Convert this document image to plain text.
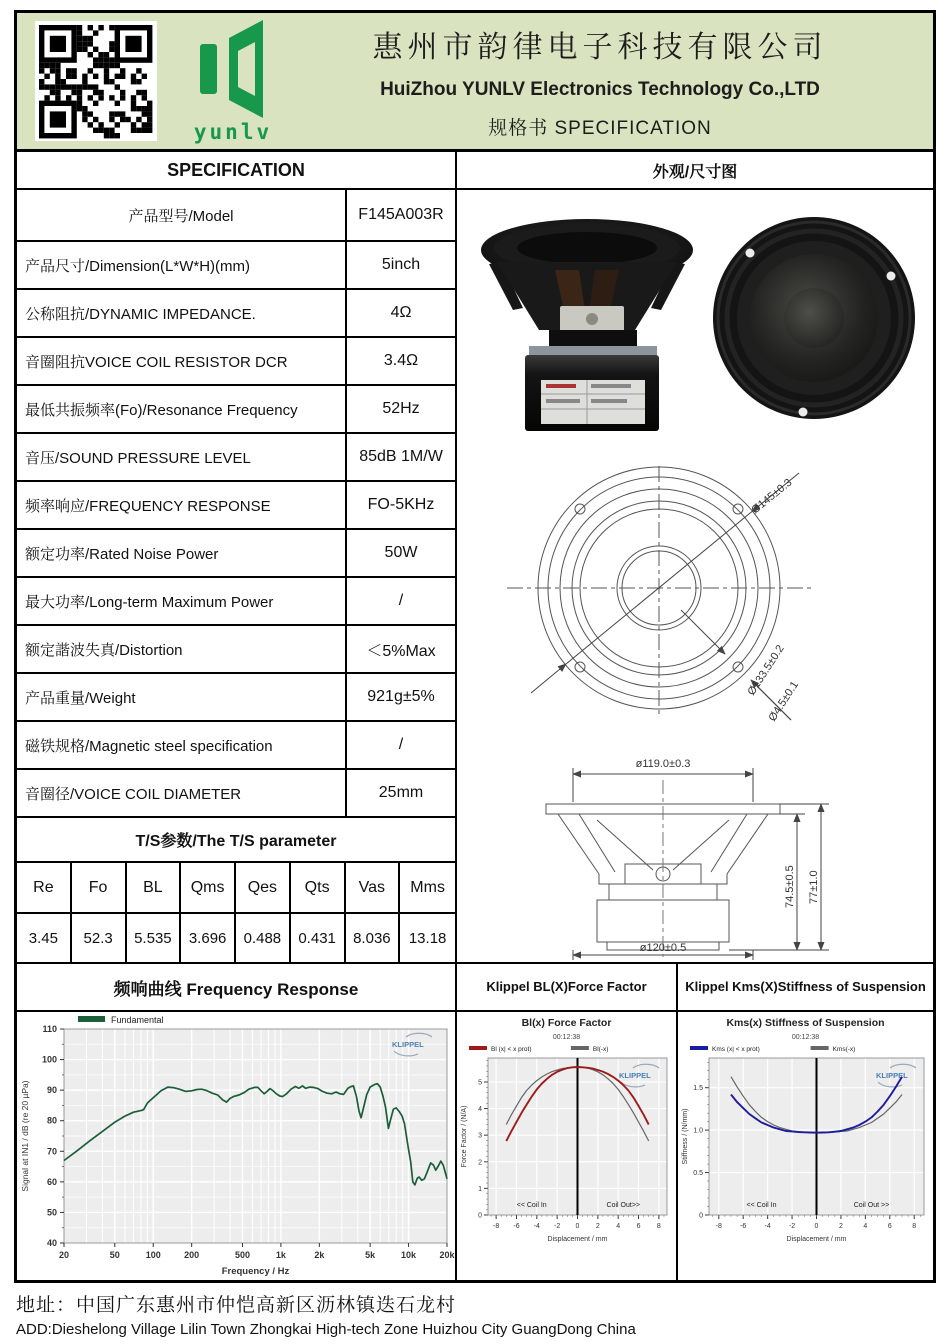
yunlv
惠州市韵律电子科技有限公司
HuiZhou YUNLV Electronics Technology Co.,LTD
规格书 SPECIFICATION
SPECIFICATION
产品型号/Model	F145A003R
产品尺寸/Dimension(L*W*H)(mm)	5inch
公称阻抗/DYNAMIC IMPEDANCE.	4Ω
音圈阻抗VOICE COIL RESISTOR DCR	3.4Ω
最低共振频率(Fo)/Resonance Frequency	52Hz
音压/SOUND PRESSURE LEVEL	85dB 1M/W
频率响应/FREQUENCY RESPONSE	FO-5KHz
额定功率/Rated Noise Power	50W
最大功率/Long-term Maximum Power	/
额定諧波失真/Distortion	＜5%Max
产品重量/Weight	921g±5%
磁铁规格/Magnetic steel specification	/
音圈径/VOICE COIL DIAMETER	25mm
T/S参数/The T/S parameter
Re	Fo	BL	Qms	Qes	Qts	Vas	Mms
3.45	52.3	5.535	3.696	0.488	0.431	8.036	13.18
外观/尺寸图
Ø145±0.3
Ø133.5±0.2
Ø4.5±0.1
ø119.0±0.3
ø120±0.5
74.5±0.5 77±1.0
频响曲线 Frequency Response
20	50	100	200	500	1k	2k	5k	10k	20k
40
50
60
70
80
90
100
110
Frequency / Hz
Signal at IN1 / dB (re 20 µPa)
Fundamental
KLIPPEL
Klippel BL(X)Force Factor
Bl(x) Force Factor
00:12:38
Bl (x| < x prot)	Bl(-x)
-8 -6 -4 -2 0 2 4 6 8
0
1
2
3
4
5
Displacement / mm
Force Factor / (N/A)
<< Coil In	Coil Out>>
KLIPPEL
Klippel Kms(X)Stiffness of Suspension
Kms(x) Stiffness of Suspension
00:12:38
Kms (x| < x prot)	Kms(-x)
-8	-6	-4	-2	0	2	4	6	8
0
0.5
1.0
1.5
Displacement / mm
Stiffness / (N/mm)
<< Coil In	Coil Out >>
KLIPPEL
地址：中国广东惠州市仲恺高新区沥林镇迭石龙村
ADD:Dieshelong Village Lilin Town Zhongkai High-tech Zone Huizhou City GuangDong China
